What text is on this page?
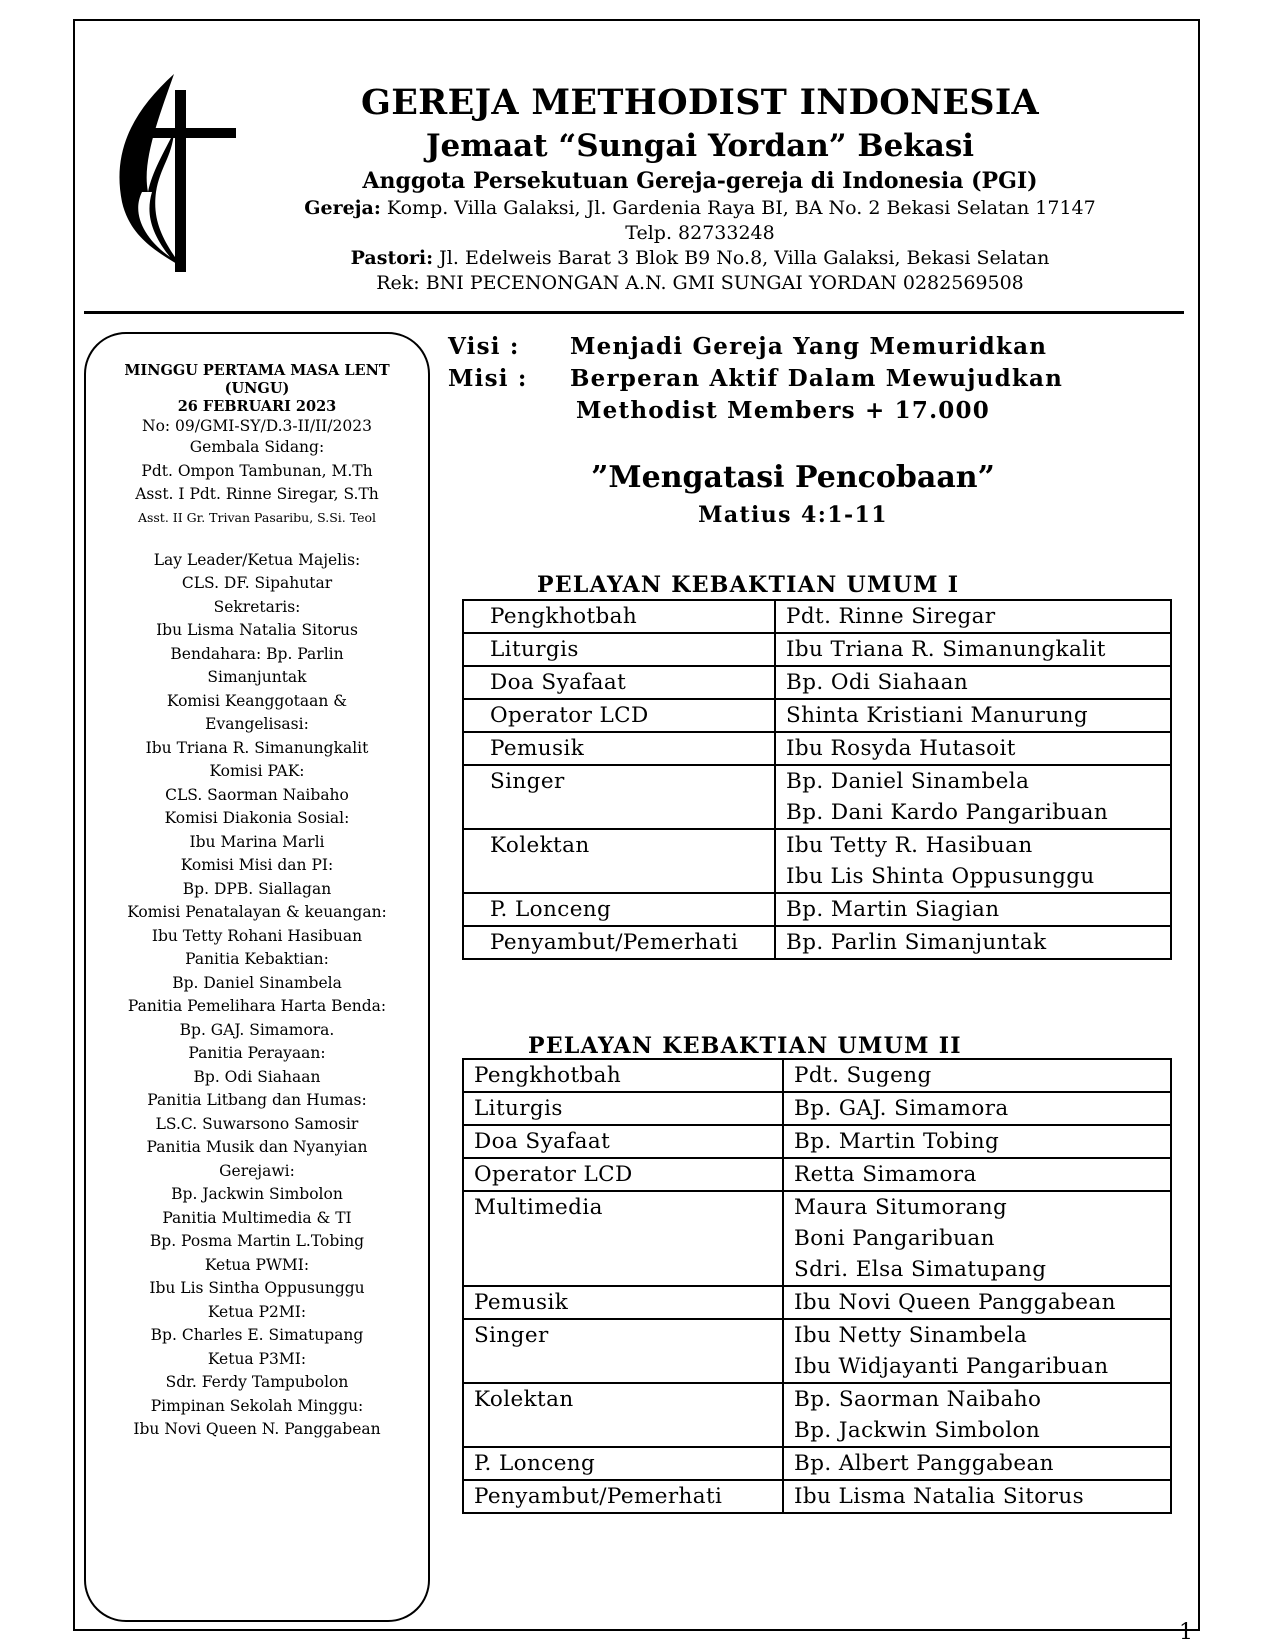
GEREJA METHODIST INDONESIA
Jemaat “Sungai Yordan” Bekasi
Anggota Persekutuan Gereja-gereja di Indonesia (PGI)
Gereja: Komp. Villa Galaksi, Jl. Gardenia Raya BI, BA No. 2 Bekasi Selatan 17147
Telp. 82733248
Pastori: Jl. Edelweis Barat 3 Blok B9 No.8, Villa Galaksi, Bekasi Selatan
Rek: BNI PECENONGAN A.N. GMI SUNGAI YORDAN 0282569508
MINGGU PERTAMA MASA LENT
(UNGU)
26 FEBRUARI 2023
No: 09/GMI-SY/D.3-II/II/2023
Gembala Sidang:
Pdt. Ompon Tambunan, M.Th
Asst. I Pdt. Rinne Siregar, S.Th
Asst. II Gr. Trivan Pasaribu, S.Si. Teol
Lay Leader/Ketua Majelis:
CLS. DF. Sipahutar
Sekretaris:
Ibu Lisma Natalia Sitorus
Bendahara: Bp. Parlin
Simanjuntak
Komisi Keanggotaan &
Evangelisasi:
Ibu Triana R. Simanungkalit
Komisi PAK:
CLS. Saorman Naibaho
Komisi Diakonia Sosial:
Ibu Marina Marli
Komisi Misi dan PI:
Bp. DPB. Siallagan
Komisi Penatalayan & keuangan:
Ibu Tetty Rohani Hasibuan
Panitia Kebaktian:
Bp. Daniel Sinambela
Panitia Pemelihara Harta Benda:
Bp. GAJ. Simamora.
Panitia Perayaan:
Bp. Odi Siahaan
Panitia Litbang dan Humas:
LS.C. Suwarsono Samosir
Panitia Musik dan Nyanyian
Gerejawi:
Bp. Jackwin Simbolon
Panitia Multimedia & TI
Bp. Posma Martin L.Tobing
Ketua PWMI:
Ibu Lis Sintha Oppusunggu
Ketua P2MI:
Bp. Charles E. Simatupang
Ketua P3MI:
Sdr. Ferdy Tampubolon
Pimpinan Sekolah Minggu:
Ibu Novi Queen N. Panggabean
Visi :	Menjadi Gereja Yang Memuridkan
Misi :	Berperan Aktif Dalam Mewujudkan
Methodist Members + 17.000
”Mengatasi Pencobaan”
Matius 4:1-11
PELAYAN KEBAKTIAN UMUM I
Pengkhotbah	Pdt. Rinne Siregar

Liturgis	Ibu Triana R. Simanungkalit

Doa Syafaat	Bp. Odi Siahaan

Operator LCD	Shinta Kristiani Manurung

Pemusik	Ibu Rosyda Hutasoit

Singer	Bp. Daniel Sinambela
Bp. Dani Kardo Pangaribuan

Kolektan	Ibu Tetty R. Hasibuan
Ibu Lis Shinta Oppusunggu

P. Lonceng	Bp. Martin Siagian

Penyambut/Pemerhati	Bp. Parlin Simanjuntak
PELAYAN KEBAKTIAN UMUM II
Pengkhotbah	Pdt. Sugeng

Liturgis	Bp. GAJ. Simamora

Doa Syafaat	Bp. Martin Tobing

Operator LCD	Retta Simamora

Multimedia	Maura Situmorang
Boni Pangaribuan
Sdri. Elsa Simatupang

Pemusik	Ibu Novi Queen Panggabean

Singer	Ibu Netty Sinambela
Ibu Widjayanti Pangaribuan

Kolektan	Bp. Saorman Naibaho
Bp. Jackwin Simbolon

P. Lonceng	Bp. Albert Panggabean

Penyambut/Pemerhati	Ibu Lisma Natalia Sitorus
1
